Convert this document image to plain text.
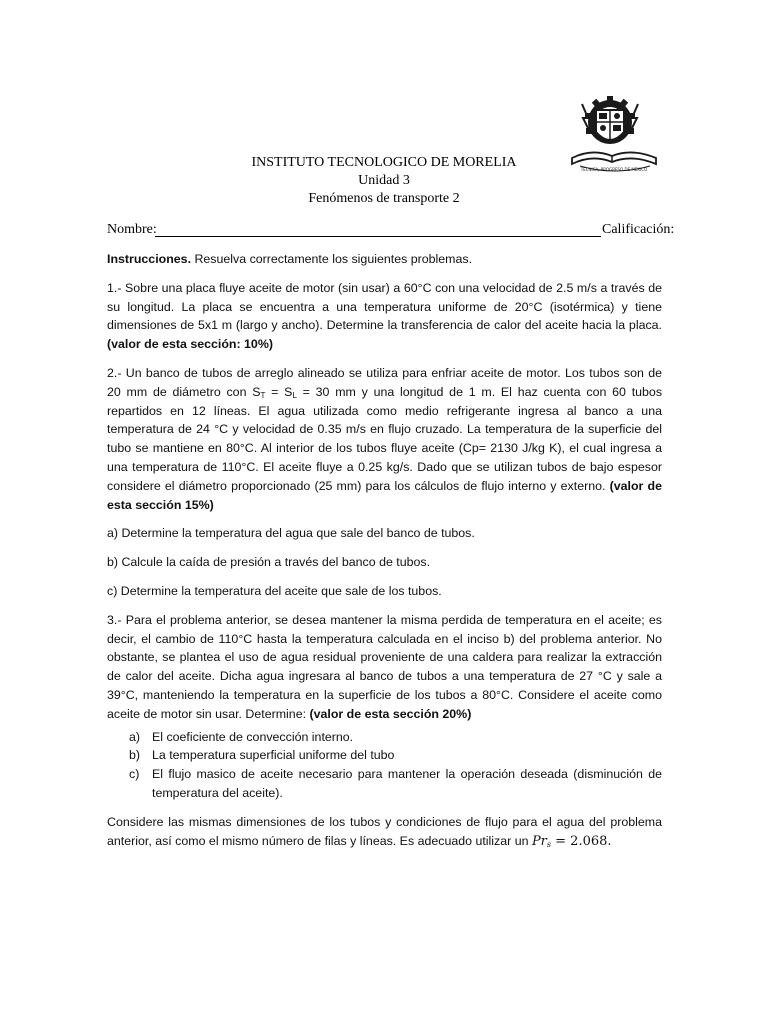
TECNICA, PROGRESO DE MEXICO
INSTITUTO TECNOLOGICO DE MORELIA
Unidad 3
Fenómenos de transporte 2
Nombre:	Calificación:

Instrucciones. Resuelva correctamente los siguientes problemas.

1.- Sobre una placa fluye aceite de motor (sin usar) a 60°C con una velocidad de 2.5 m/s a través de su longitud. La placa se encuentra a una temperatura uniforme de 20°C (isotérmica) y tiene dimensiones de 5x1 m (largo y ancho). Determine la transferencia de calor del aceite hacia la placa. (valor de esta sección: 10%)

2.- Un banco de tubos de arreglo alineado se utiliza para enfriar aceite de motor. Los tubos son de 20 mm de diámetro con $S_T = S_L = 30$ mm y una longitud de 1 m. El haz cuenta con 60 tubos repartidos en 12 líneas. El agua utilizada como medio refrigerante ingresa al banco a una temperatura de 24 °C y velocidad de 0.35 m/s en flujo cruzado. La temperatura de la superficie del tubo se mantiene en 80°C. Al interior de los tubos fluye aceite (Cp= 2130 J/kg K), el cual ingresa a una temperatura de 110°C. El aceite fluye a 0.25 kg/s. Dado que se utilizan tubos de bajo espesor considere el diámetro proporcionado (25 mm) para los cálculos de flujo interno y externo. (valor de esta sección 15%)

a) Determine la temperatura del agua que sale del banco de tubos.

b) Calcule la caída de presión a través del banco de tubos.

c) Determine la temperatura del aceite que sale de los tubos.

3.- Para el problema anterior, se desea mantener la misma perdida de temperatura en el aceite; es decir, el cambio de 110°C hasta la temperatura calculada en el inciso b) del problema anterior. No obstante, se plantea el uso de agua residual proveniente de una caldera para realizar la extracción de calor del aceite. Dicha agua ingresara al banco de tubos a una temperatura de 27 °C y sale a 39°C, manteniendo la temperatura en la superficie de los tubos a 80°C. Considere el aceite como aceite de motor sin usar. Determine: (valor de esta sección 20%)

a) El coeficiente de convección interno.
b) La temperatura superficial uniforme del tubo
c) El flujo masico de aceite necesario para mantener la operación deseada (disminución de temperatura del aceite).

Considere las mismas dimensiones de los tubos y condiciones de flujo para el agua del problema anterior, así como el mismo número de filas y líneas. Es adecuado utilizar un $Pr_s = 2.068$.
